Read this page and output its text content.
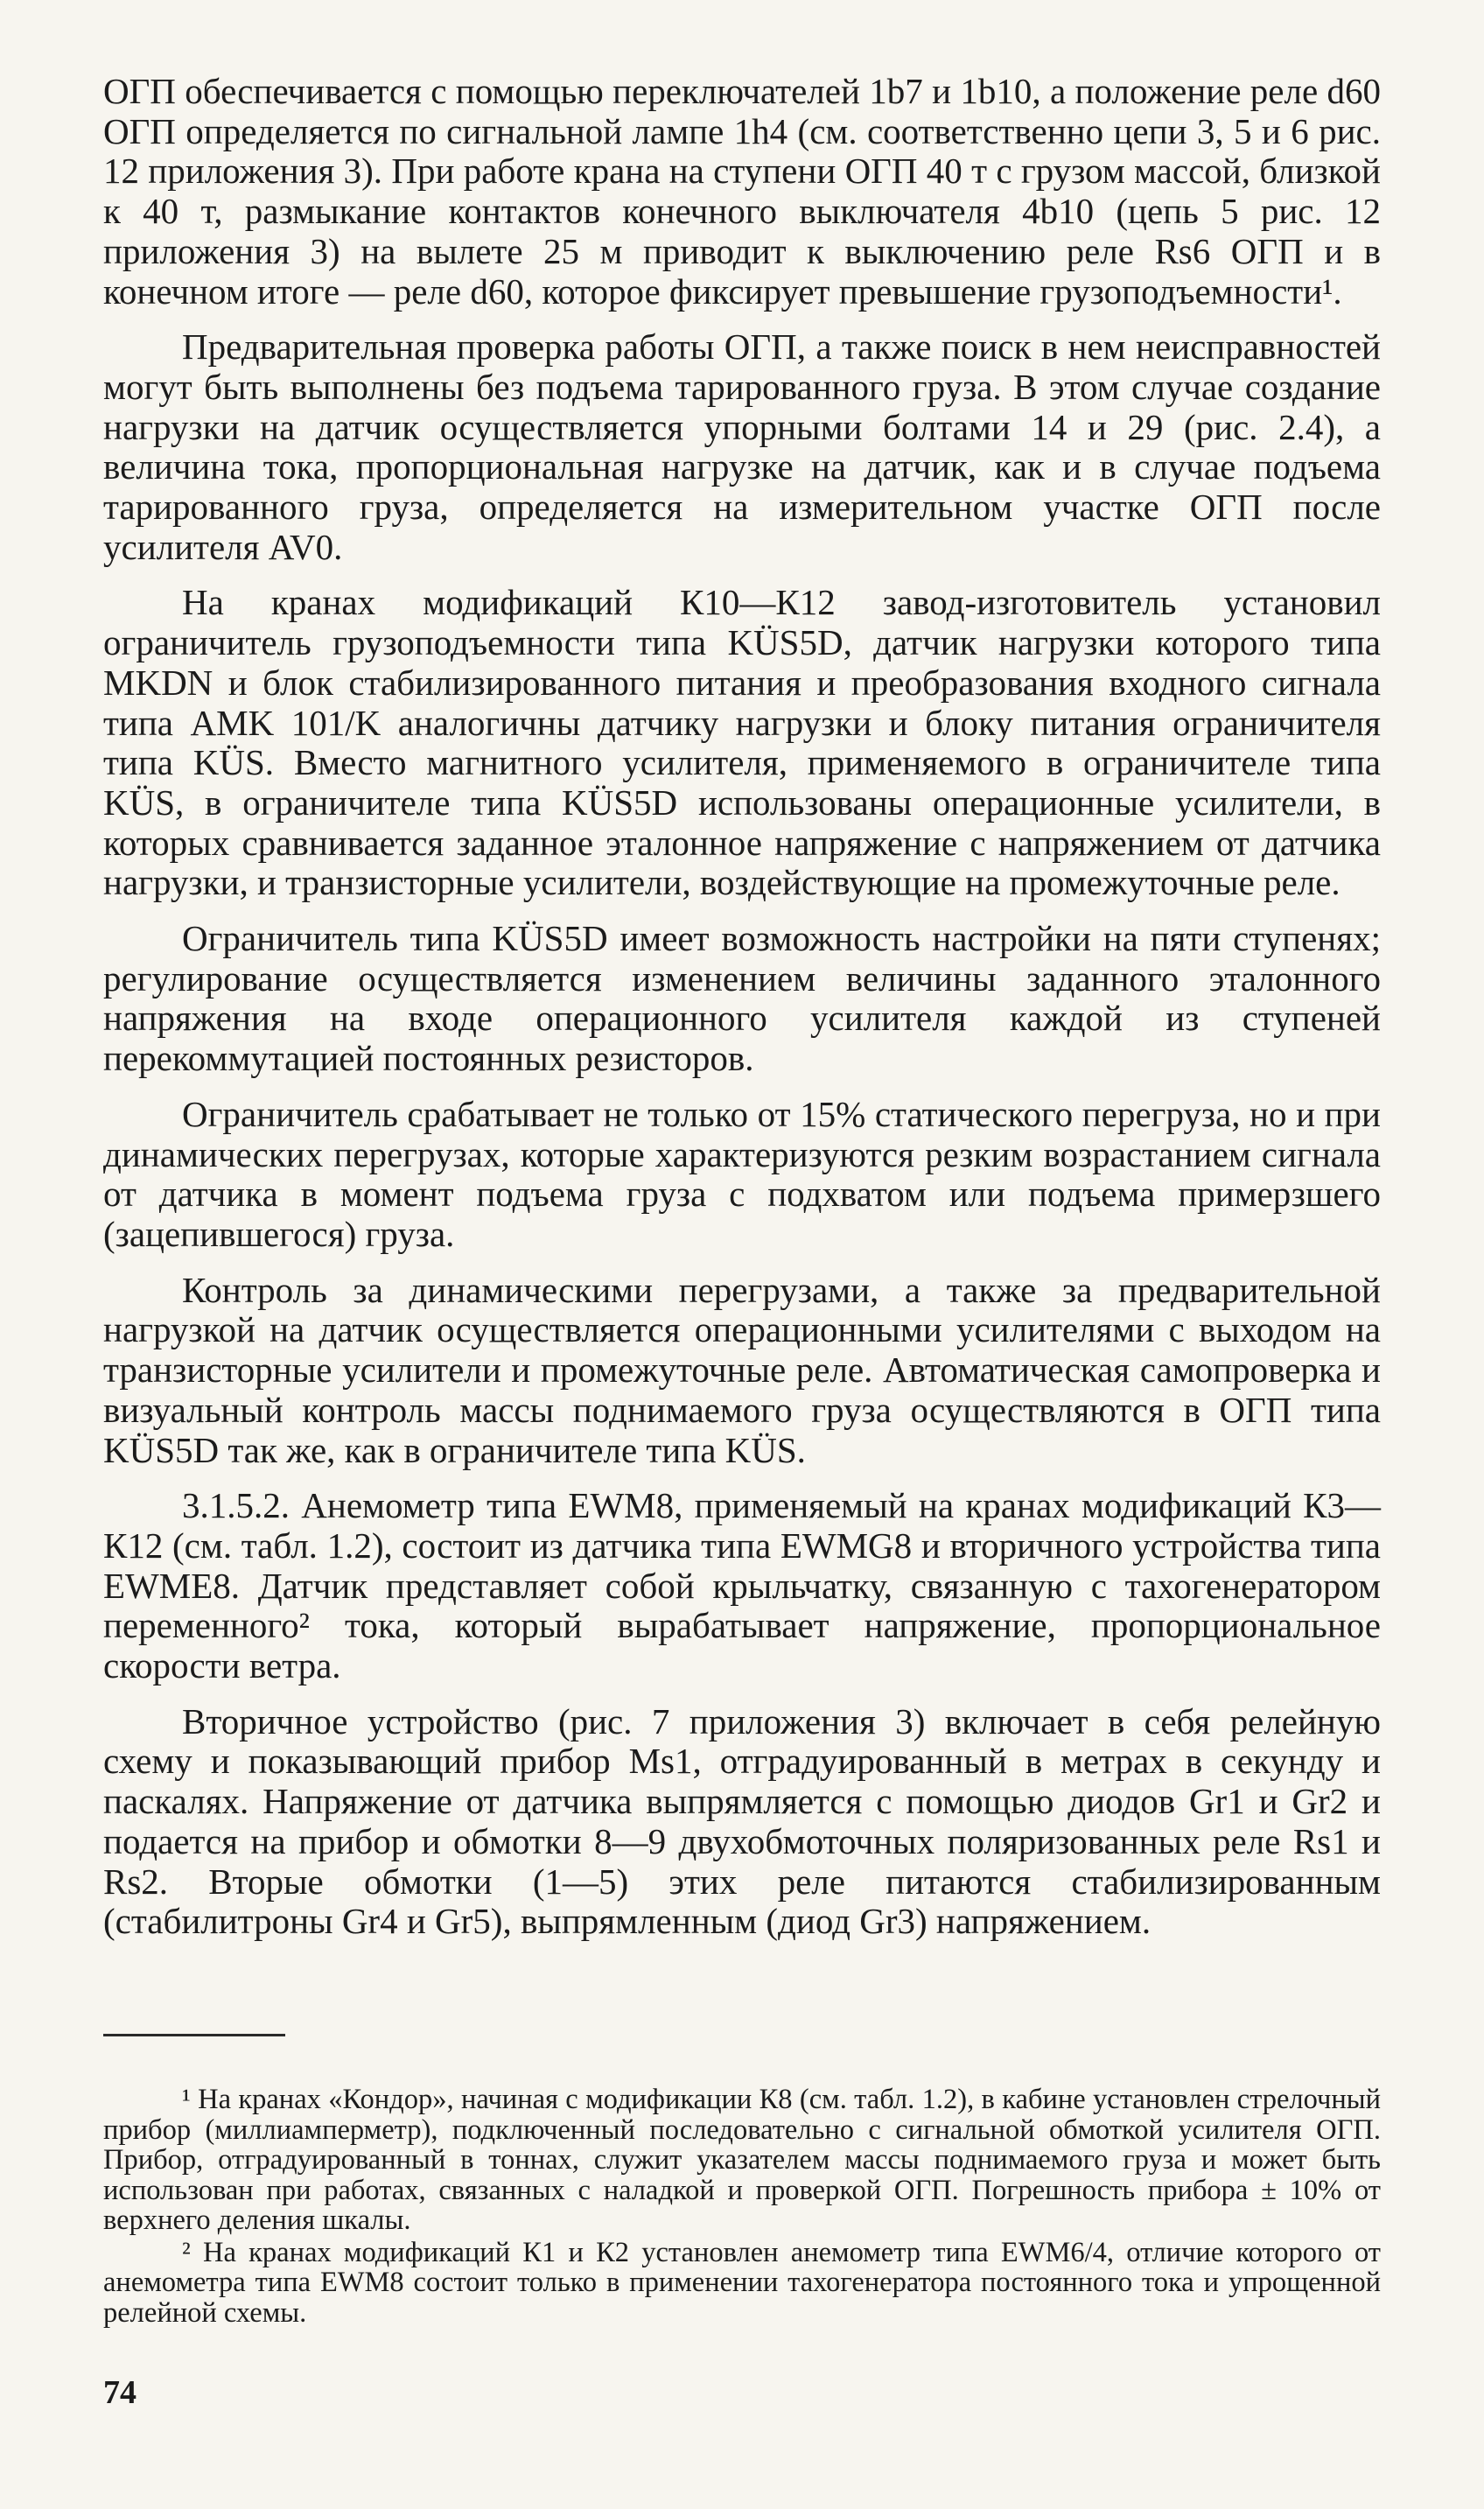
ОГП обеспечивается с помощью переключателей 1b7 и 1b10, а положение реле d60 ОГП определяется по сигнальной лампе 1h4 (см. соответственно цепи 3, 5 и 6 рис. 12 приложения 3). При работе крана на ступени ОГП 40 т с грузом массой, близкой к 40 т, размыкание контактов конечного выключателя 4b10 (цепь 5 рис. 12 приложения 3) на вылете 25 м приводит к выключению реле Rs6 ОГП и в конечном итоге — реле d60, которое фиксирует превышение грузоподъемности¹.

Предварительная проверка работы ОГП, а также поиск в нем неисправностей могут быть выполнены без подъема тарированного груза. В этом случае создание нагрузки на датчик осуществляется упорными болтами 14 и 29 (рис. 2.4), а величина тока, пропорциональная нагрузке на датчик, как и в случае подъема тарированного груза, определяется на измерительном участке ОГП после усилителя AV0.

На кранах модификаций К10—К12 завод-изготовитель установил ограничитель грузоподъемности типа KÜS5D, датчик нагрузки которого типа MKDN и блок стабилизированного питания и преобразования входного сигнала типа AMK 101/K аналогичны датчику нагрузки и блоку питания ограничителя типа KÜS. Вместо магнитного усилителя, применяемого в ограничителе типа KÜS, в ограничителе типа KÜS5D использованы операционные усилители, в которых сравнивается заданное эталонное напряжение с напряжением от датчика нагрузки, и транзисторные усилители, воздействующие на промежуточные реле.

Ограничитель типа KÜS5D имеет возможность настройки на пяти ступенях; регулирование осуществляется изменением величины заданного эталонного напряжения на входе операционного усилителя каждой из ступеней перекоммутацией постоянных резисторов.

Ограничитель срабатывает не только от 15% статического перегруза, но и при динамических перегрузах, которые характеризуются резким возрастанием сигнала от датчика в момент подъема груза с подхватом или подъема примерзшего (зацепившегося) груза.

Контроль за динамическими перегрузами, а также за предварительной нагрузкой на датчик осуществляется операционными усилителями с выходом на транзисторные усилители и промежуточные реле. Автоматическая самопроверка и визуальный контроль массы поднимаемого груза осуществляются в ОГП типа KÜS5D так же, как в ограничителе типа KÜS.

3.1.5.2. Анемометр типа EWM8, применяемый на кранах модификаций К3—К12 (см. табл. 1.2), состоит из датчика типа EWMG8 и вторичного устройства типа EWME8. Датчик представляет собой крыльчатку, связанную с тахогенератором переменного² тока, который вырабатывает напряжение, пропорциональное скорости ветра.

Вторичное устройство (рис. 7 приложения 3) включает в себя релейную схему и показывающий прибор Ms1, отградуированный в метрах в секунду и паскалях. Напряжение от датчика выпрямляется с помощью диодов Gr1 и Gr2 и подается на прибор и обмотки 8—9 двухобмоточных поляризованных реле Rs1 и Rs2. Вторые обмотки (1—5) этих реле питаются стабилизированным (стабилитроны Gr4 и Gr5), выпрямленным (диод Gr3) напряжением.

¹ На кранах «Кондор», начиная с модификации К8 (см. табл. 1.2), в кабине установлен стрелочный прибор (миллиамперметр), подключенный последовательно с сигнальной обмоткой усилителя ОГП. Прибор, отградуированный в тоннах, служит указателем массы поднимаемого груза и может быть использован при работах, связанных с наладкой и проверкой ОГП. Погрешность прибора ± 10% от верхнего деления шкалы.

² На кранах модификаций К1 и К2 установлен анемометр типа EWM6/4, отличие которого от анемометра типа EWM8 состоит только в применении тахогенератора постоянного тока и упрощенной релейной схемы.

74
